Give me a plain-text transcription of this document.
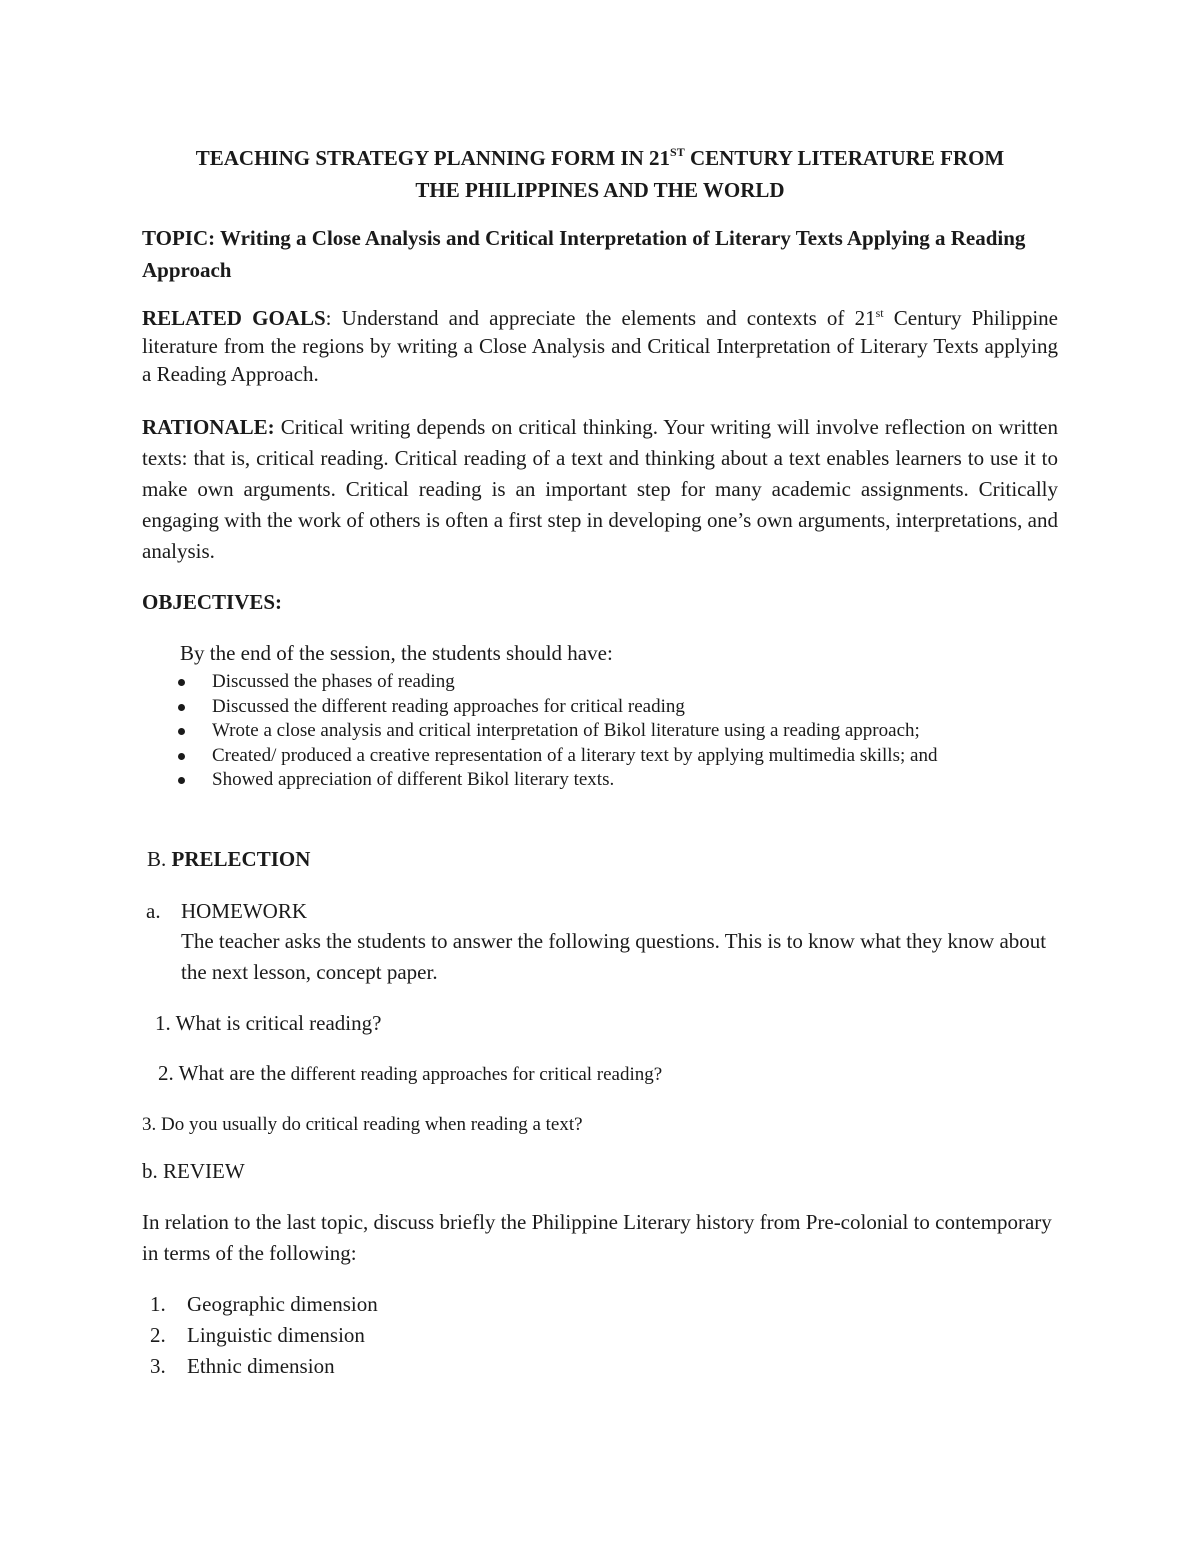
TEACHING STRATEGY PLANNING FORM IN 21ST CENTURY LITERATURE FROM
THE PHILIPPINES AND THE WORLD

TOPIC: Writing a Close Analysis and Critical Interpretation of Literary Texts Applying a Reading Approach

RELATED GOALS: Understand and appreciate the elements and contexts of 21st Century Philippine literature from the regions by writing a Close Analysis and Critical Interpretation of Literary Texts applying a Reading Approach.

RATIONALE: Critical writing depends on critical thinking. Your writing will involve reflection on written texts: that is, critical reading. Critical reading of a text and thinking about a text enables learners to use it to make own arguments. Critical reading is an important step for many academic assignments. Critically engaging with the work of others is often a first step in developing one’s own arguments, interpretations, and analysis.

OBJECTIVES:

By the end of the session, the students should have:

Discussed the phases of reading
Discussed the different reading approaches for critical reading
Wrote a close analysis and critical interpretation of Bikol literature using a reading approach;
Created/ produced a creative representation of a literary text by applying multimedia skills; and
Showed appreciation of different Bikol literary texts.

B. PRELECTION

a. HOMEWORK

The teacher asks the students to answer the following questions. This is to know what they know about the next lesson, concept paper.

1. What is critical reading?

2. What are the different reading approaches for critical reading?

3. Do you usually do critical reading when reading a text?

b. REVIEW

In relation to the last topic, discuss briefly the Philippine Literary history from Pre-colonial to contemporary in terms of the following:

1. Geographic dimension
2. Linguistic dimension
3. Ethnic dimension
